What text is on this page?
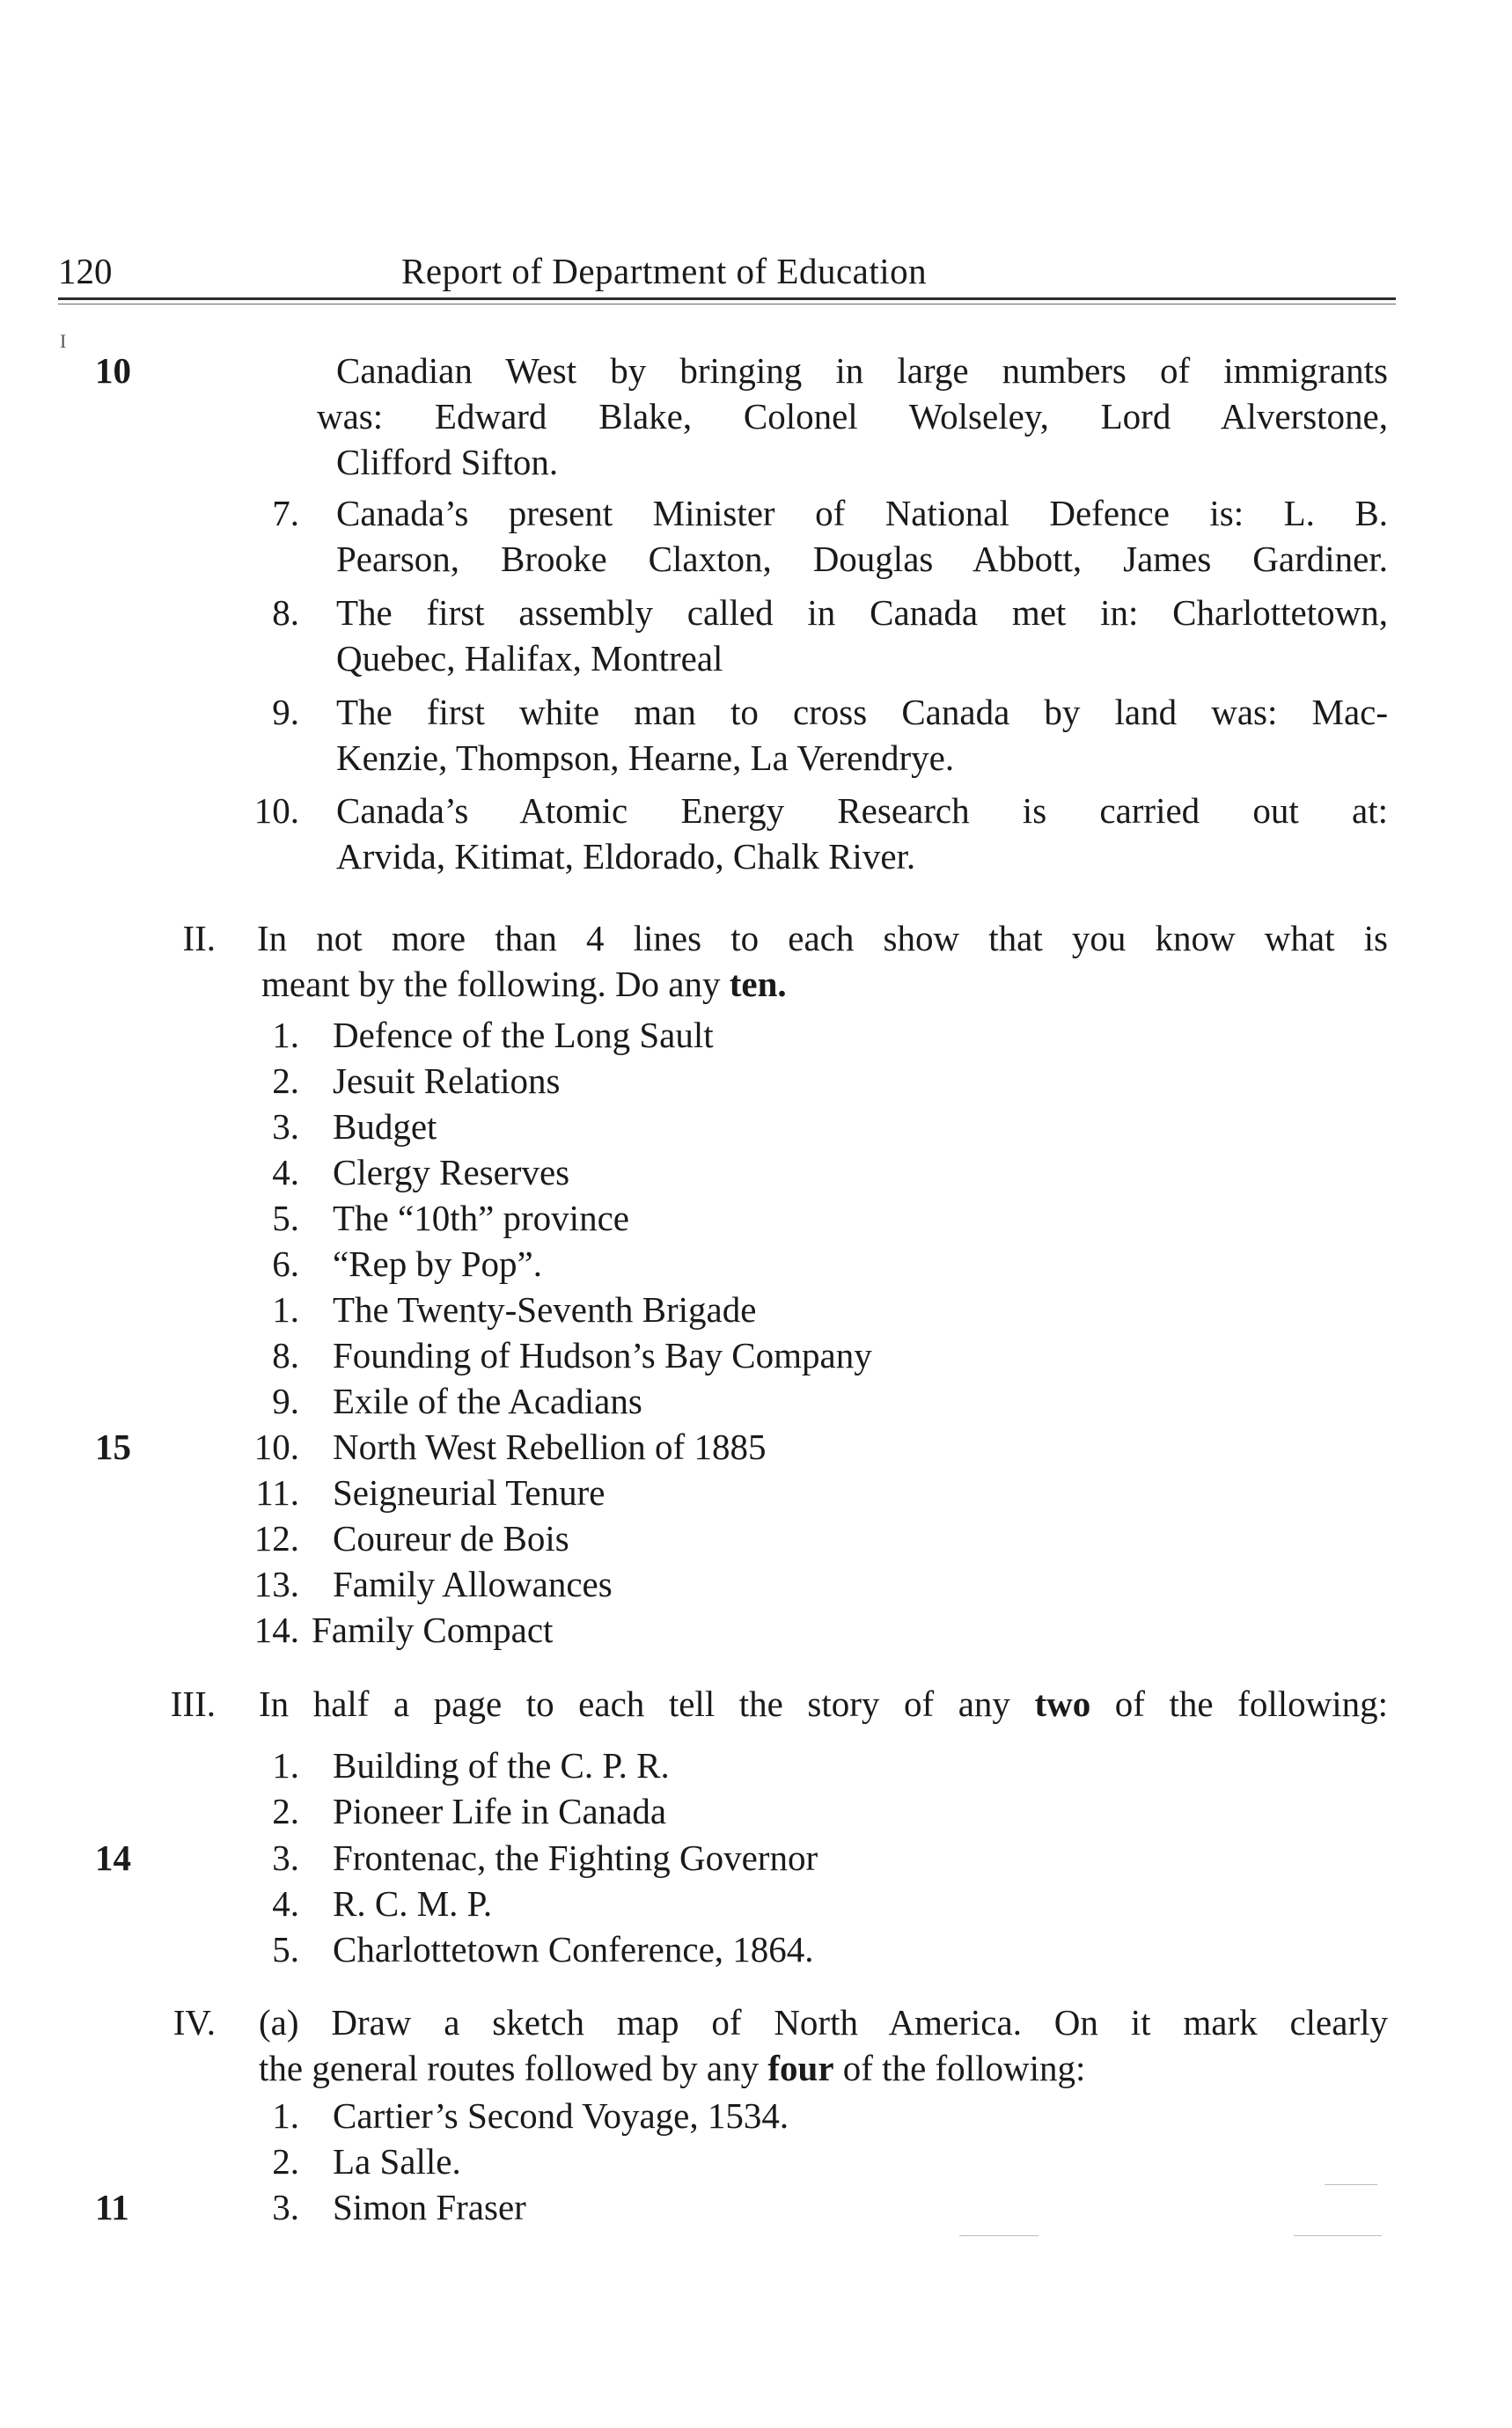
120	Report of Department of Education
I
10
15
14
11
Canadian West by bringing in large numbers of immigrants
was: Edward Blake, Colonel Wolseley, Lord Alverstone,
Clifford Sifton.
7. Canada’s present Minister of National Defence is: L. B.
Pearson, Brooke Claxton, Douglas Abbott, James Gardiner.
8. The first assembly called in Canada met in: Charlottetown,
Quebec, Halifax, Montreal
9. The first white man to cross Canada by land was: Mac-
Kenzie, Thompson, Hearne, La Verendrye.
10. Canada’s Atomic Energy Research is carried out at:
Arvida, Kitimat, Eldorado, Chalk River.
II. In not more than 4 lines to each show that you know what is
meant by the following. Do any ten.
1. Defence of the Long Sault
2. Jesuit Relations
3. Budget
4. Clergy Reserves
5. The “10th” province
6. “Rep by Pop”.
1. The Twenty-Seventh Brigade
8. Founding of Hudson’s Bay Company
9. Exile of the Acadians
10. North West Rebellion of 1885
11. Seigneurial Tenure
12. Coureur de Bois
13. Family Allowances
14. Family Compact
III. In half a page to each tell the story of any two of the following:
1. Building of the C. P. R.
2. Pioneer Life in Canada
3. Frontenac, the Fighting Governor
4. R. C. M. P.
5. Charlottetown Conference, 1864.
IV. (a) Draw a sketch map of North America. On it mark clearly
the general routes followed by any four of the following:
1. Cartier’s Second Voyage, 1534.
2. La Salle.
3. Simon Fraser
